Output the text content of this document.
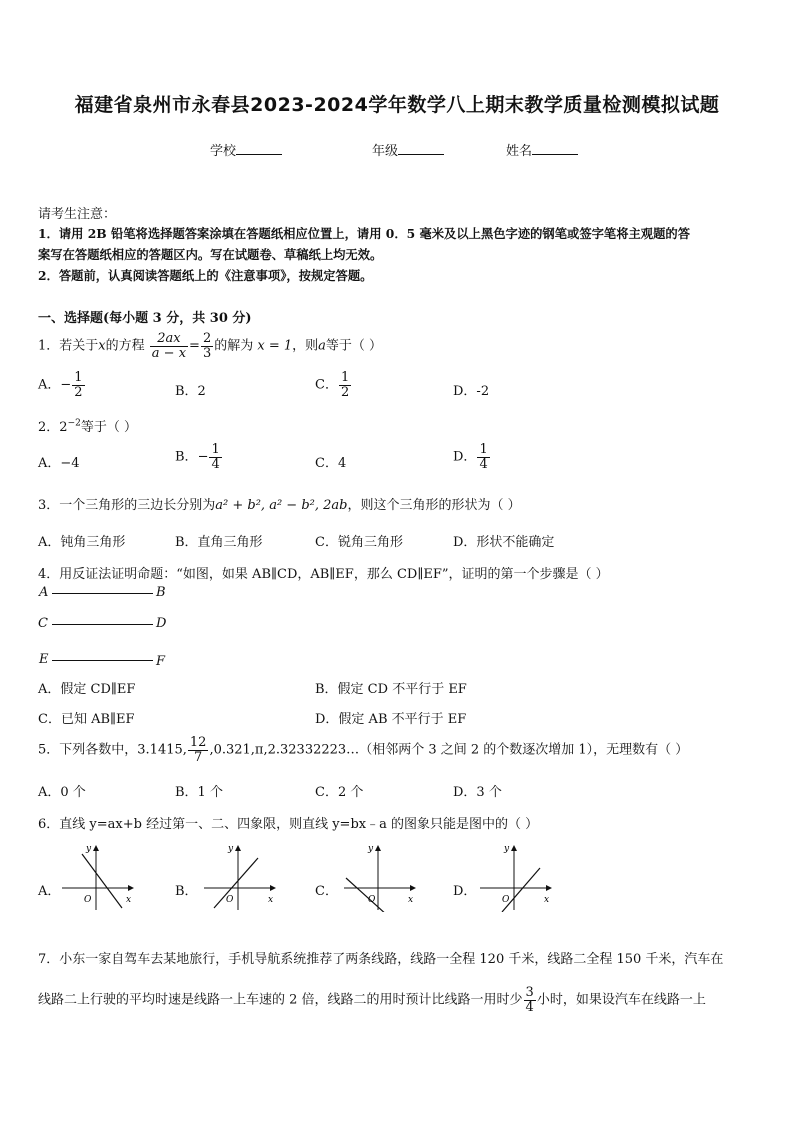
福建省泉州市永春县2023-2024学年数学八上期末教学质量检测模拟试题
学校	年级	姓名
请考生注意：
1．请用 2B 铅笔将选择题答案涂填在答题纸相应位置上，请用 0．5 毫米及以上黑色字迹的钢笔或签字笔将主观题的答
案写在答题纸相应的答题区内。写在试题卷、草稿纸上均无效。
2．答题前，认真阅读答题纸上的《注意事项》，按规定答题。
一、选择题(每小题 3 分，共 30 分)
1．若关于x的方程 $\frac{2ax}{a - x} = \frac{2}{3}$ 的解为 x = 1，则a等于（ ）
A．− $\frac{1}{2}$	B．2	C． $\frac{1}{2}$	D．-2
2．$2^{-2}$等于（ ）
A．−4	B．− $\frac{1}{4}$	C．4	D． $\frac{1}{4}$
3．一个三角形的三边长分别为a² + b², a² − b², 2ab，则这个三角形的形状为（ ）
A．钝角三角形	B．直角三角形	C．锐角三角形	D．形状不能确定
4．用反证法证明命题：“如图，如果 AB∥CD，AB∥EF，那么 CD∥EF”，证明的第一个步骤是（ ）
A	B
C	D
E	F
A．假定 CD∥EF	B．假定 CD 不平行于 EF
C．已知 AB∥EF	D．假定 AB 不平行于 EF
5．下列各数中，3.1415, $\frac{12}{7}$ ,0.321,π,2.32332223…（相邻两个 3 之间 2 的个数逐次增加 1），无理数有（ ）
A．0 个	B．1 个	C．2 个	D．3 个
6．直线 y=ax+b 经过第一、二、四象限，则直线 y=bx﹣a 的图象只能是图中的（ ）
A．	B．	C．	D．
y
x
O
y
x
O
y
x
O
y
x
O
7．小东一家自驾车去某地旅行，手机导航系统推荐了两条线路，线路一全程 120 千米，线路二全程 150 千米，汽车在
线路二上行驶的平均时速是线路一上车速的 2 倍，线路二的用时预计比线路一用时少 $\frac{3}{4}$ 小时，如果设汽车在线路一上
